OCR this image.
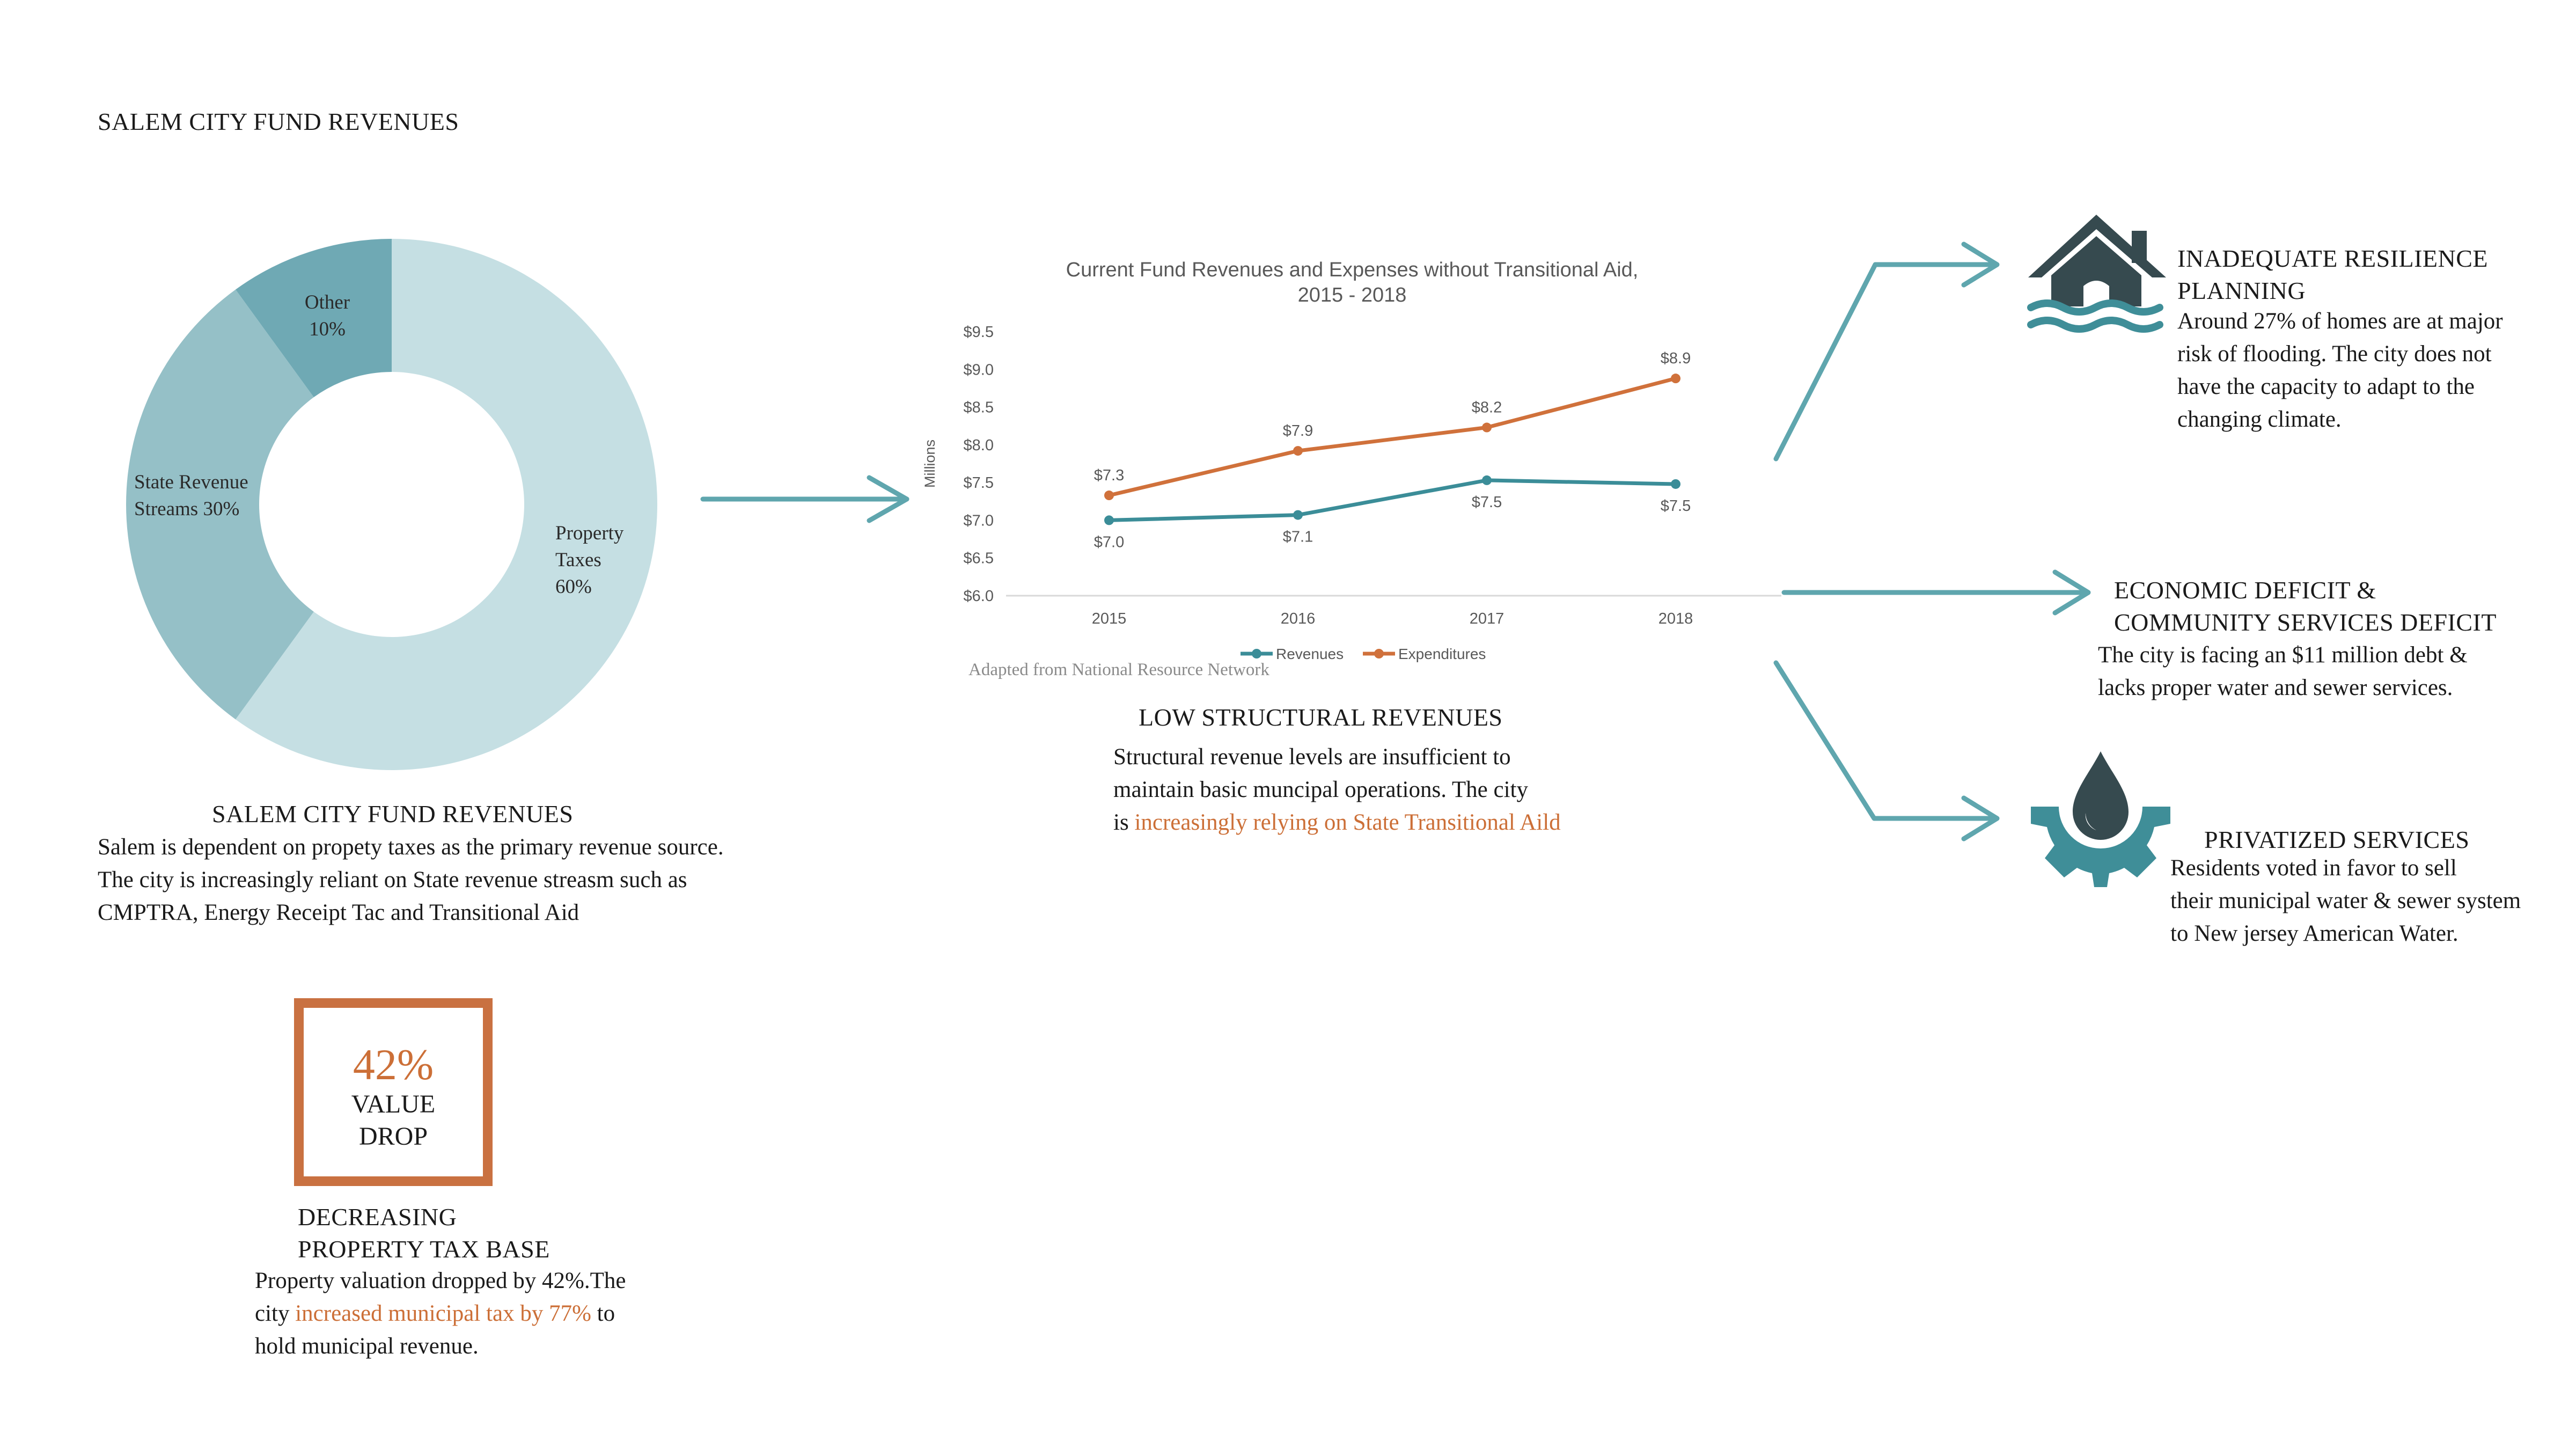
SALEM CITY FUND REVENUES
Property Taxes 60%
State Revenue Streams 30%
Other 10%
SALEM CITY FUND REVENUES
Salem is dependent on propety taxes as the primary revenue source.
The city is increasingly reliant on State revenue streasm such as
CMPTRA, Energy Receipt Tac and Transitional Aid
42%
VALUE
DROP
DECREASING
PROPERTY TAX BASE
Property valuation dropped by 42%.The
city increased municipal tax by 77% to
hold municipal revenue.
Current Fund Revenues and Expenses without Transitional Aid,
2015 - 2018
Millions
$6.0
$6.5
$7.0
$7.5
$8.0
$8.5
$9.0
$9.5
2015	2016	2017	2018
$7.0	$7.1
$7.5	$7.5
$7.3
$7.9
$8.2
$8.9
Revenues	Expenditures
Adapted from National Resource Network
LOW STRUCTURAL REVENUES
Structural revenue levels are insufficient to
maintain basic muncipal operations. The city
is increasingly relying on State Transitional Aild
INADEQUATE RESILIENCE
PLANNING
Around 27% of homes are at major
risk of flooding. The city does not
have the capacity to adapt to the
changing climate.
ECONOMIC DEFICIT &
COMMUNITY SERVICES DEFICIT
The city is facing an $11 million debt &
lacks proper water and sewer services.
PRIVATIZED SERVICES
Residents voted in favor to sell
their municipal water & sewer system
to New jersey American Water.
